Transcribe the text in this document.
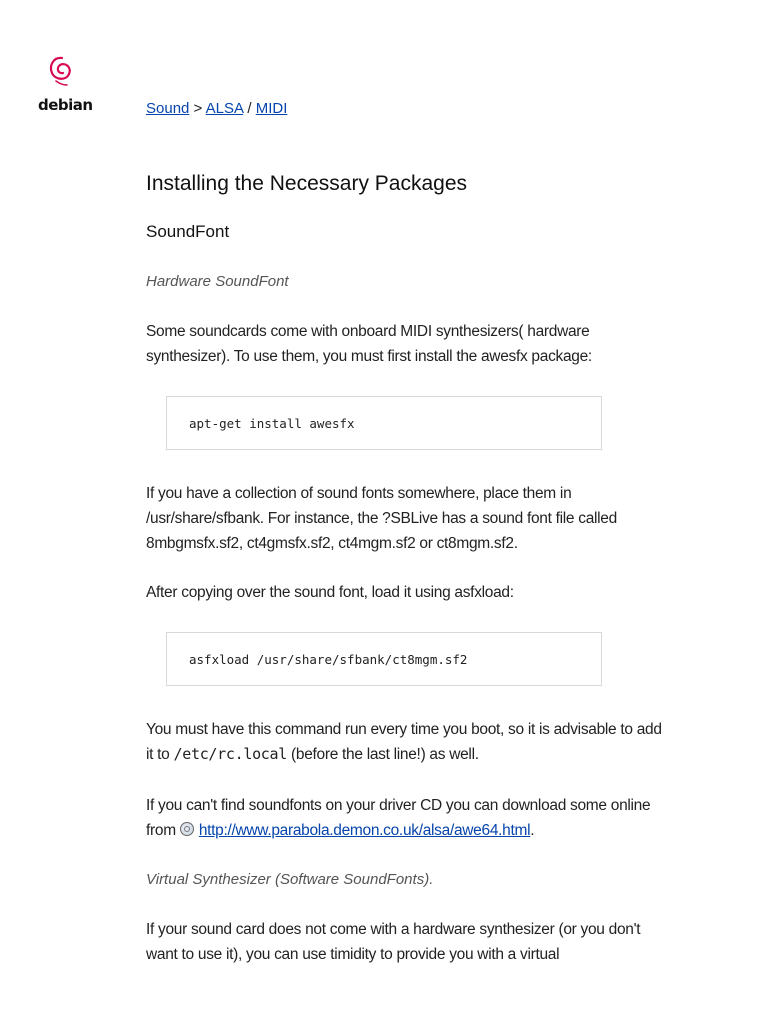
debian	Sound > ALSA / MIDI

Installing the Necessary Packages
SoundFont
Hardware SoundFont

Some soundcards come with onboard MIDI synthesizers( hardware synthesizer). To use them, you must first install the awesfx package:

apt-get install awesfx

If you have a collection of sound fonts somewhere, place them in /usr/share/sfbank. For instance, the ?SBLive has a sound font file called 8mbgmsfx.sf2, ct4gmsfx.sf2, ct4mgm.sf2 or ct8mgm.sf2.

After copying over the sound font, load it using asfxload:

asfxload /usr/share/sfbank/ct8mgm.sf2

You must have this command run every time you boot, so it is advisable to add it to /etc/rc.local (before the last line!) as well.

If you can't find soundfonts on your driver CD you can download some online from http://www.parabola.demon.co.uk/alsa/awe64.html.

Virtual Synthesizer (Software SoundFonts).

If your sound card does not come with a hardware synthesizer (or you don't want to use it), you can use timidity to provide you with a virtual
